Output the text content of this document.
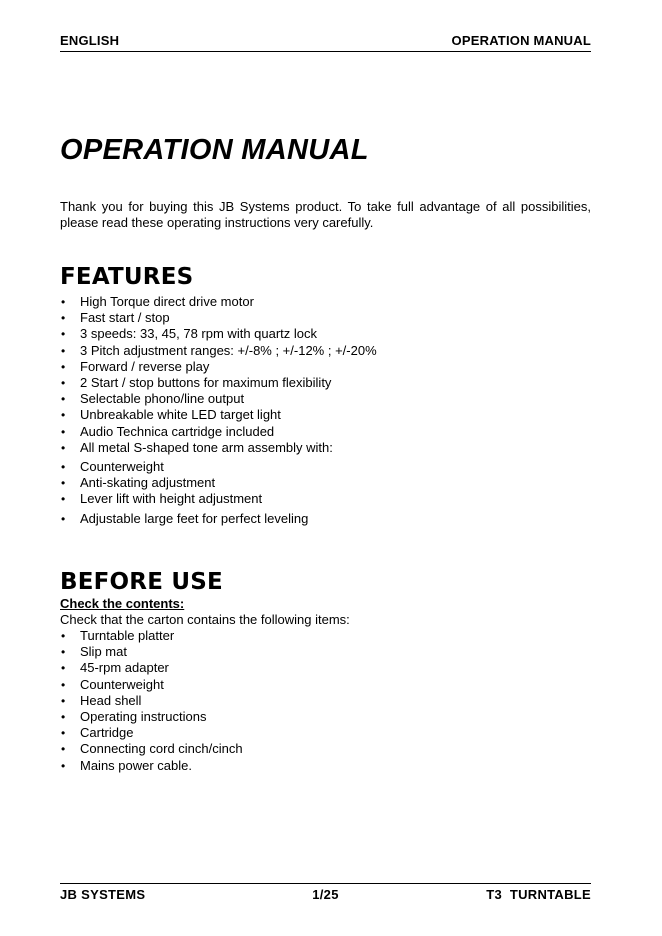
ENGLISH	OPERATION MANUAL
OPERATION MANUAL

Thank you for buying this JB Systems product. To take full advantage of all possibilities, please read these operating instructions very carefully.

FEATURES
• High Torque direct drive motor
• Fast start / stop
• 3 speeds: 33, 45, 78 rpm with quartz lock
• 3 Pitch adjustment ranges: +/-8% ; +/-12% ; +/-20%
• Forward / reverse play
• 2 Start / stop buttons for maximum flexibility
• Selectable phono/line output
• Unbreakable white LED target light
• Audio Technica cartridge included
• All metal S-shaped tone arm assembly with:
• Counterweight
• Anti-skating adjustment
• Lever lift with height adjustment
• Adjustable large feet for perfect leveling
BEFORE USE

Check the contents:

Check that the carton contains the following items:

• Turntable platter
• Slip mat
• 45-rpm adapter
• Counterweight
• Head shell
• Operating instructions
• Cartridge
• Connecting cord cinch/cinch
• Mains power cable.
JB SYSTEMS	1/25	T3  TURNTABLE
